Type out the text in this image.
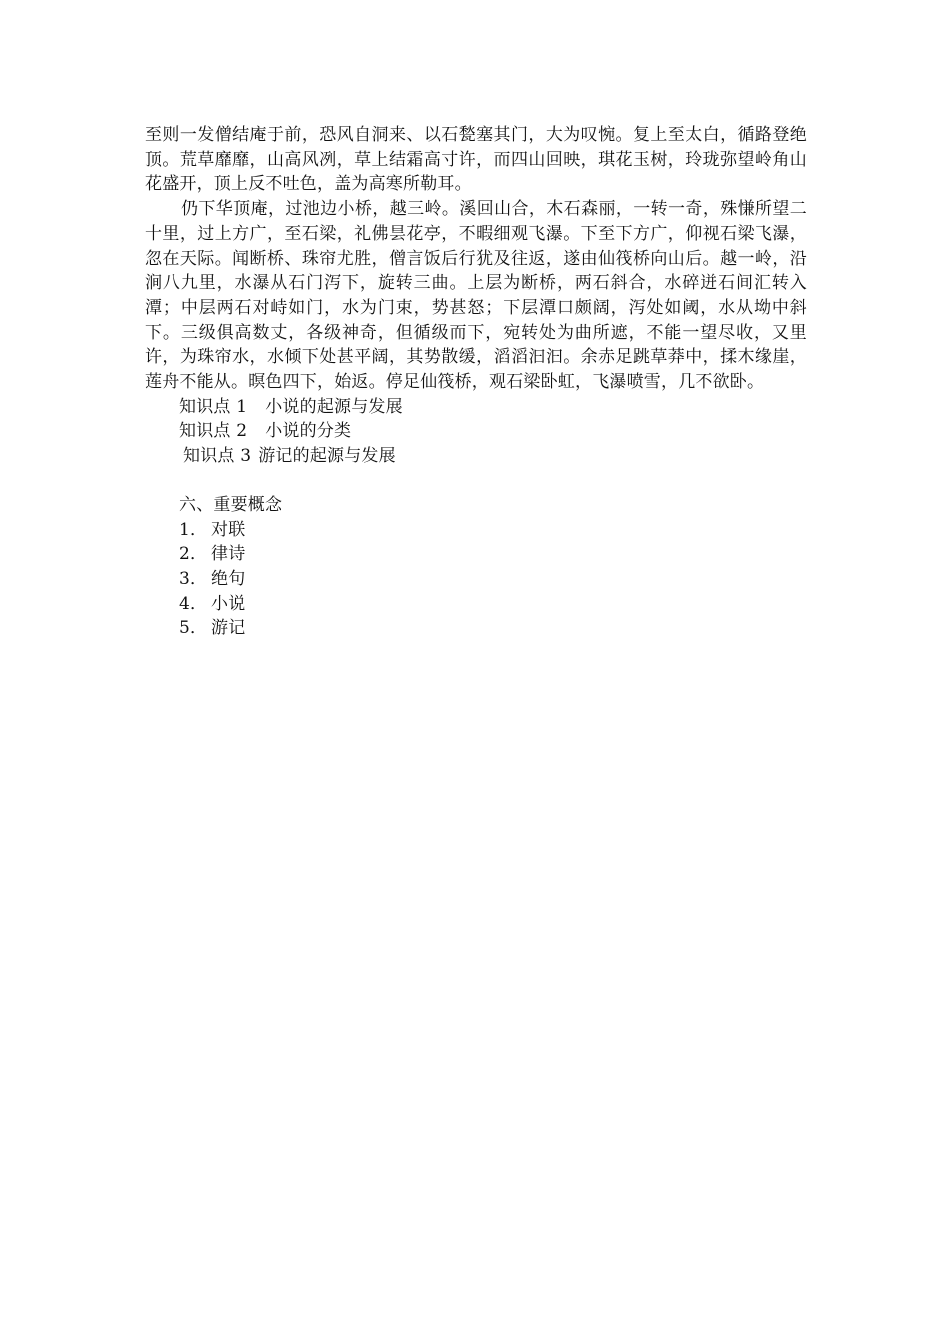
至则一发僧结庵于前，恐风自洞来、以石甃塞其门，大为叹惋。复上至太白，循路登绝顶。荒草靡靡，山高风冽，草上结霜高寸许，而四山回映，琪花玉树，玲珑弥望岭角山花盛开，顶上反不吐色，盖为高寒所勒耳。

仍下华顶庵，过池边小桥，越三岭。溪回山合，木石森丽，一转一奇，殊慊所望二十里，过上方广，至石梁，礼佛昙花亭，不暇细观飞瀑。下至下方广，仰视石梁飞瀑，忽在天际。闻断桥、珠帘尤胜，僧言饭后行犹及往返，遂由仙筏桥向山后。越一岭，沿涧八九里，水瀑从石门泻下，旋转三曲。上层为断桥，两石斜合，水碎迸石间汇转入潭；中层两石对峙如门，水为门束，势甚怒；下层潭口颇阔，泻处如阈，水从坳中斜下。三级俱高数丈，各级神奇，但循级而下，宛转处为曲所遮，不能一望尽收，又里许，为珠帘水，水倾下处甚平阔，其势散缓，滔滔汩汩。余赤足跳草莽中，揉木缘崖，莲舟不能从。暝色四下，始返。停足仙筏桥，观石梁卧虹，飞瀑喷雪，几不欲卧。

知识点 1 小说的起源与发展

知识点 2 小说的分类

知识点 3 游记的起源与发展

六、重要概念

1． 对联
2． 律诗
3． 绝句
4． 小说
5． 游记
